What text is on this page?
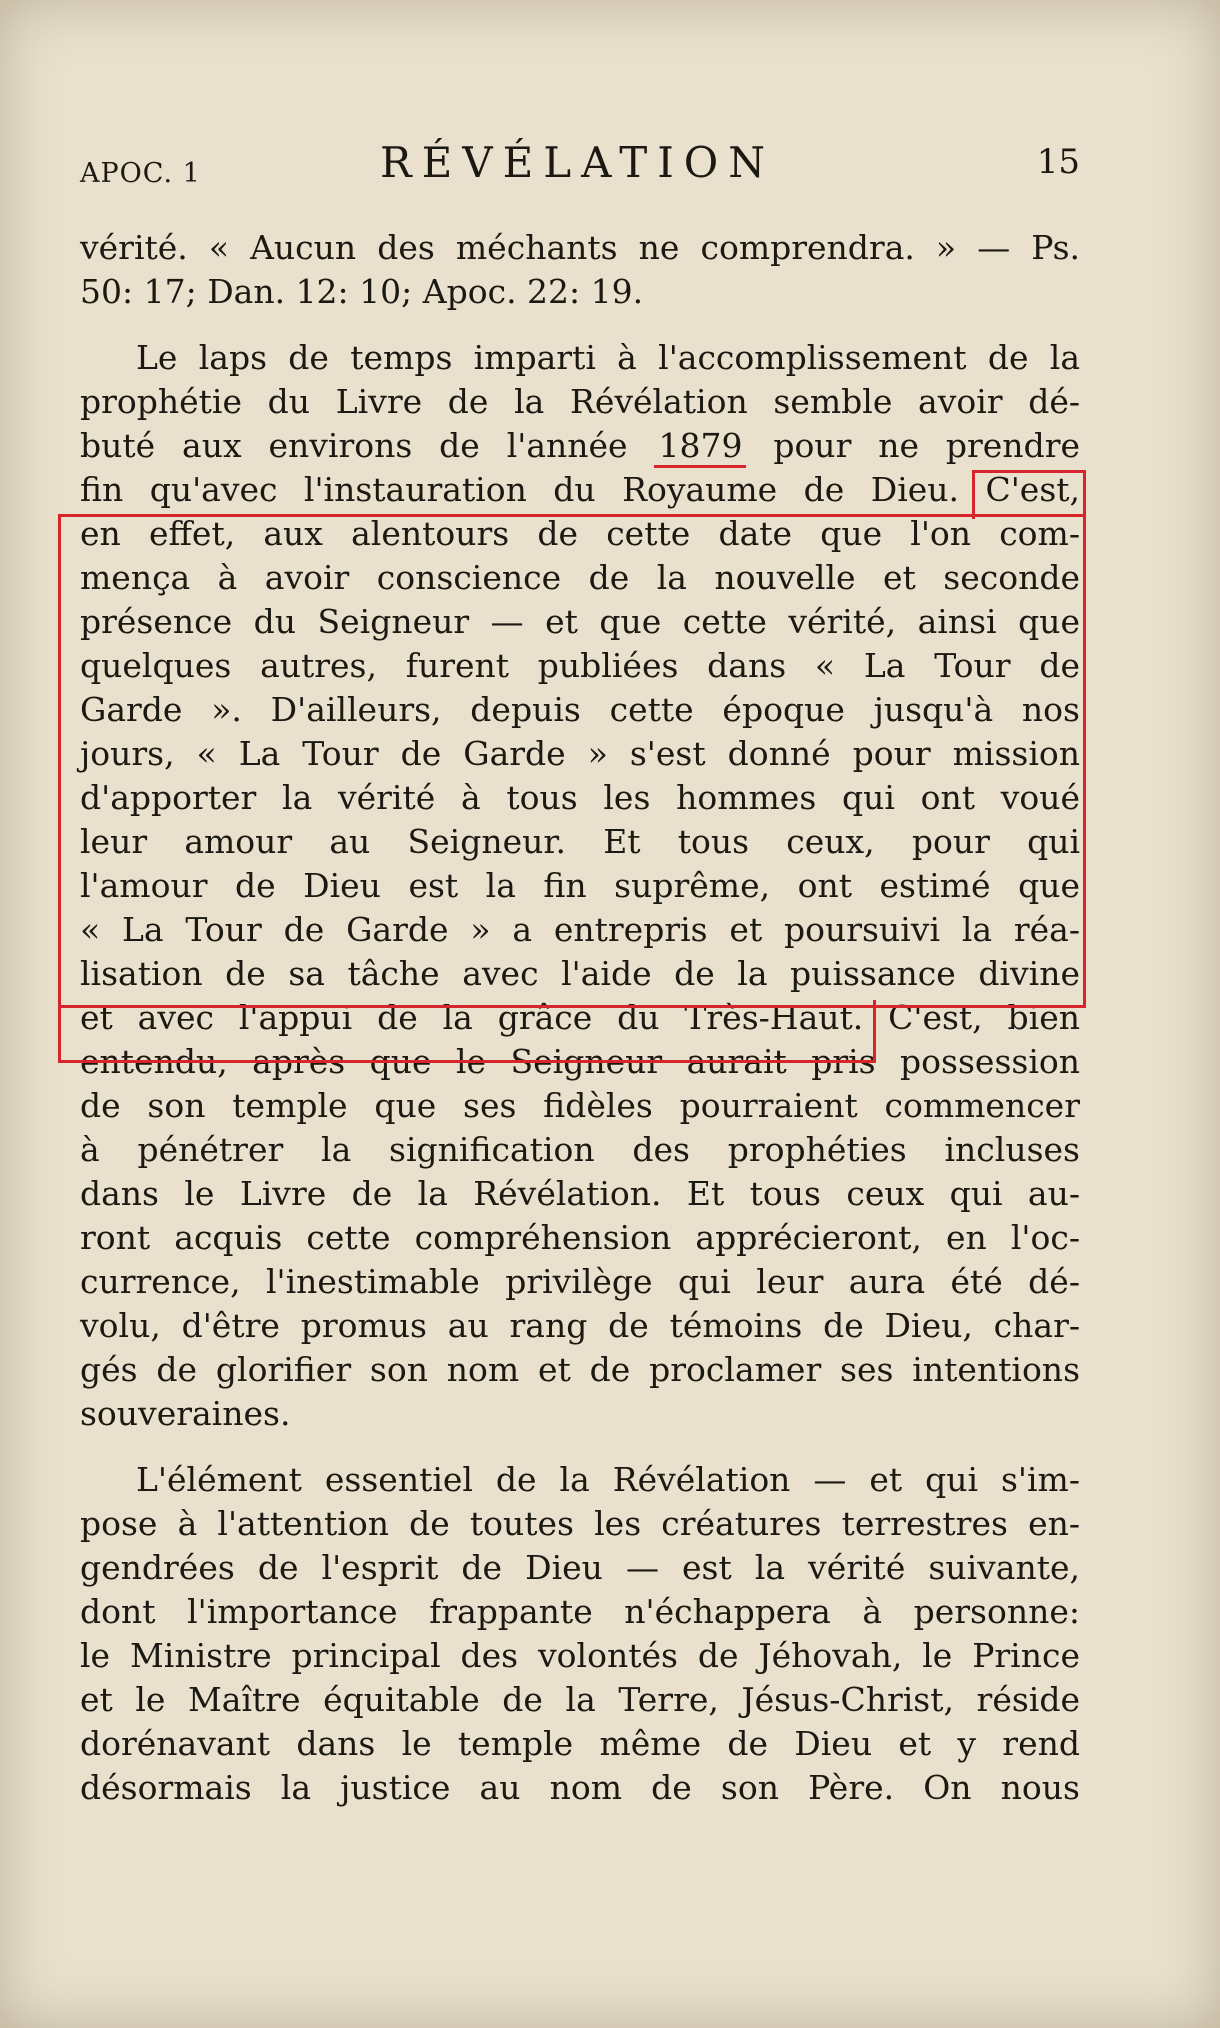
APOC. 1	RÉVÉLATION	15
vérité. « Aucun des méchants ne comprendra. » — Ps.
50: 17; Dan. 12: 10; Apoc. 22: 19.
Le laps de temps imparti à l'accomplissement de la
prophétie du Livre de la Révélation semble avoir dé-
buté aux environs de l'année 1879 pour ne prendre
fin qu'avec l'instauration du Royaume de Dieu. C'est,
en effet, aux alentours de cette date que l'on com-
mença à avoir conscience de la nouvelle et seconde
présence du Seigneur — et que cette vérité, ainsi que
quelques autres, furent publiées dans « La Tour de
Garde ». D'ailleurs, depuis cette époque jusqu'à nos
jours, « La Tour de Garde » s'est donné pour mission
d'apporter la vérité à tous les hommes qui ont voué
leur amour au Seigneur. Et tous ceux, pour qui
l'amour de Dieu est la fin suprême, ont estimé que
« La Tour de Garde » a entrepris et poursuivi la réa-
lisation de sa tâche avec l'aide de la puissance divine
et avec l'appui de la grâce du Très-Haut. C'est, bien
entendu, après que le Seigneur aurait pris possession
de son temple que ses fidèles pourraient commencer
à pénétrer la signification des prophéties incluses
dans le Livre de la Révélation. Et tous ceux qui au-
ront acquis cette compréhension apprécieront, en l'oc-
currence, l'inestimable privilège qui leur aura été dé-
volu, d'être promus au rang de témoins de Dieu, char-
gés de glorifier son nom et de proclamer ses intentions
souveraines.
L'élément essentiel de la Révélation — et qui s'im-
pose à l'attention de toutes les créatures terrestres en-
gendrées de l'esprit de Dieu — est la vérité suivante,
dont l'importance frappante n'échappera à personne:
le Ministre principal des volontés de Jéhovah, le Prince
et le Maître équitable de la Terre, Jésus-Christ, réside
dorénavant dans le temple même de Dieu et y rend
désormais la justice au nom de son Père. On nous
